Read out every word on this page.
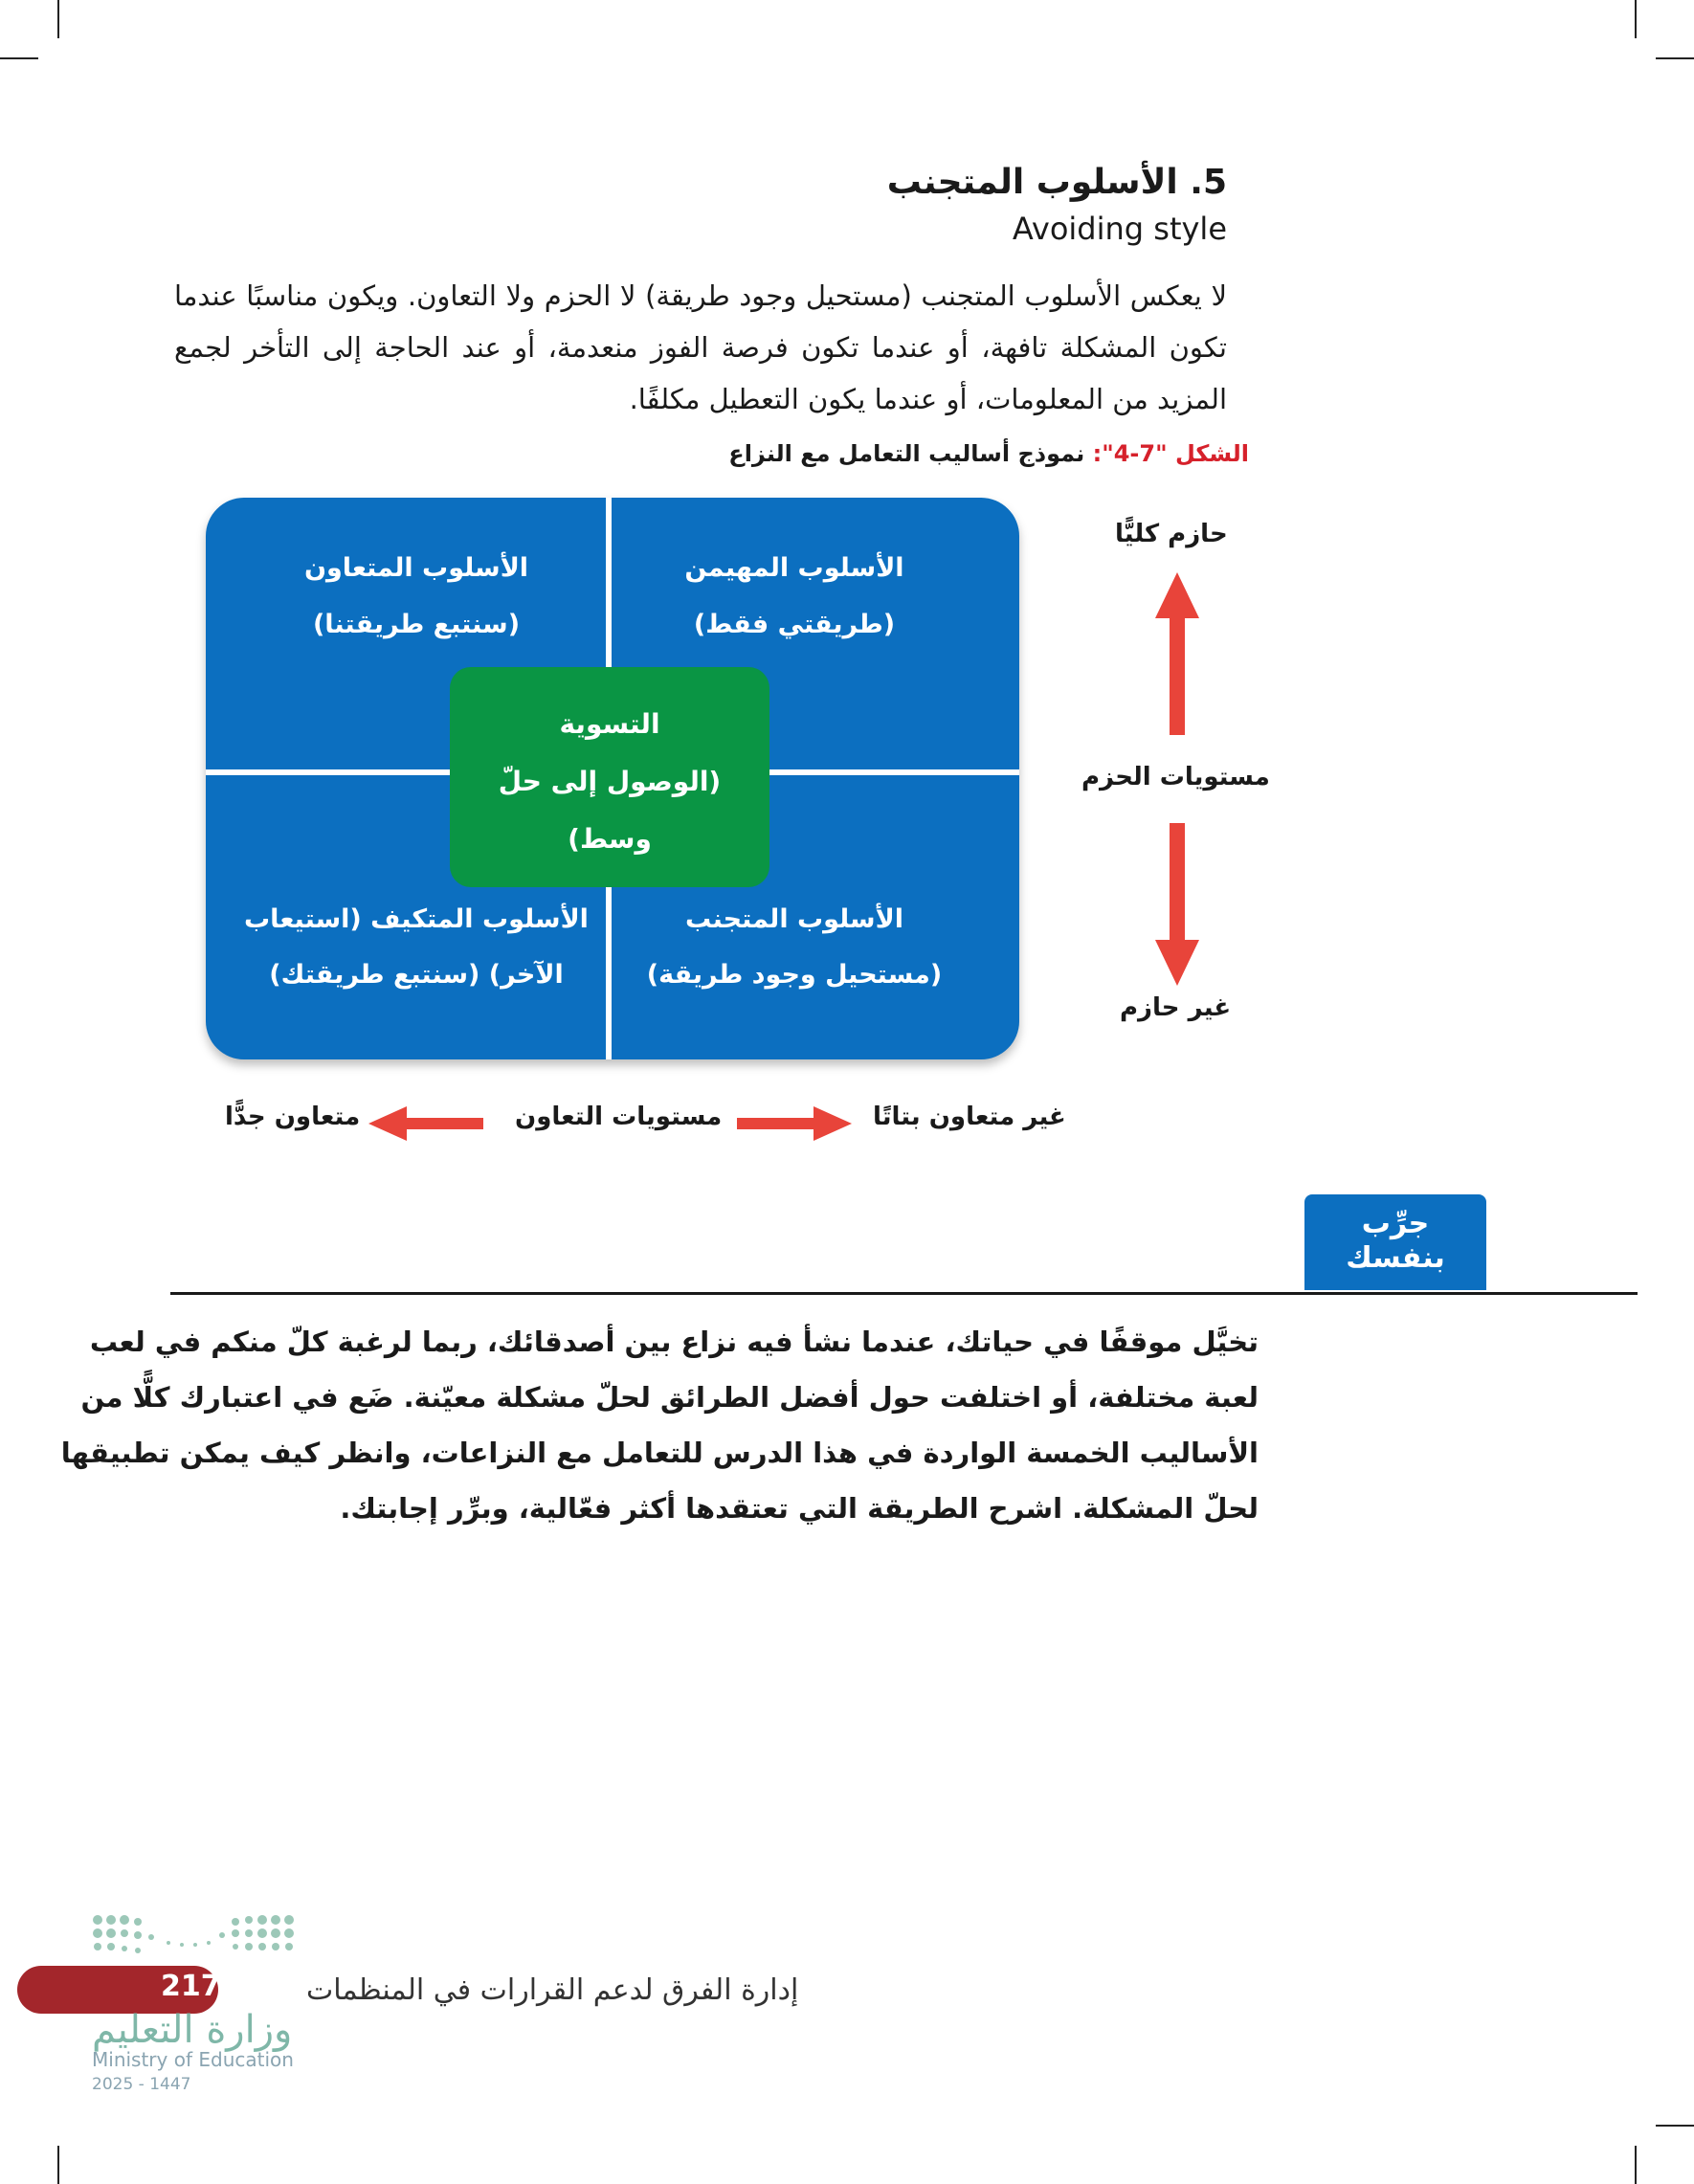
5. الأسلوب المتجنب
Avoiding style
لا يعكس الأسلوب المتجنب (مستحيل وجود طريقة) لا الحزم ولا التعاون. ويكون مناسبًا عندما
تكون المشكلة تافهة، أو عندما تكون فرصة الفوز منعدمة، أو عند الحاجة إلى التأخر لجمع
المزيد من المعلومات، أو عندما يكون التعطيل مكلفًا.
الشكل "7-4": نموذج أساليب التعامل مع النزاع
الأسلوب المهيمن
(طريقتي فقط)
الأسلوب المتعاون
(سنتبع طريقتنا)
الأسلوب المتجنب
(مستحيل وجود طريقة)
الأسلوب المتكيف (استيعاب
الآخر) (سنتبع طريقتك)
التسوية
(الوصول إلى حلّ
وسط)
حازم كليًّا
مستويات الحزم
غير حازم
غير متعاون بتاتًا
مستويات التعاون
متعاون جدًّا
جرِّب
بنفسك
تخيَّل موقفًا في حياتك، عندما نشأ فيه نزاع بين أصدقائك، ربما لرغبة كلّ منكم في لعب
لعبة مختلفة، أو اختلفت حول أفضل الطرائق لحلّ مشكلة معيّنة. ضَع في اعتبارك كلًّا من
الأساليب الخمسة الواردة في هذا الدرس للتعامل مع النزاعات، وانظر كيف يمكن تطبيقها
لحلّ المشكلة. اشرح الطريقة التي تعتقدها أكثر فعّالية، وبرِّر إجابتك.
217	إدارة الفرق لدعم القرارات في المنظمات
وزارة التعليم
Ministry of Education
2025 - 1447
